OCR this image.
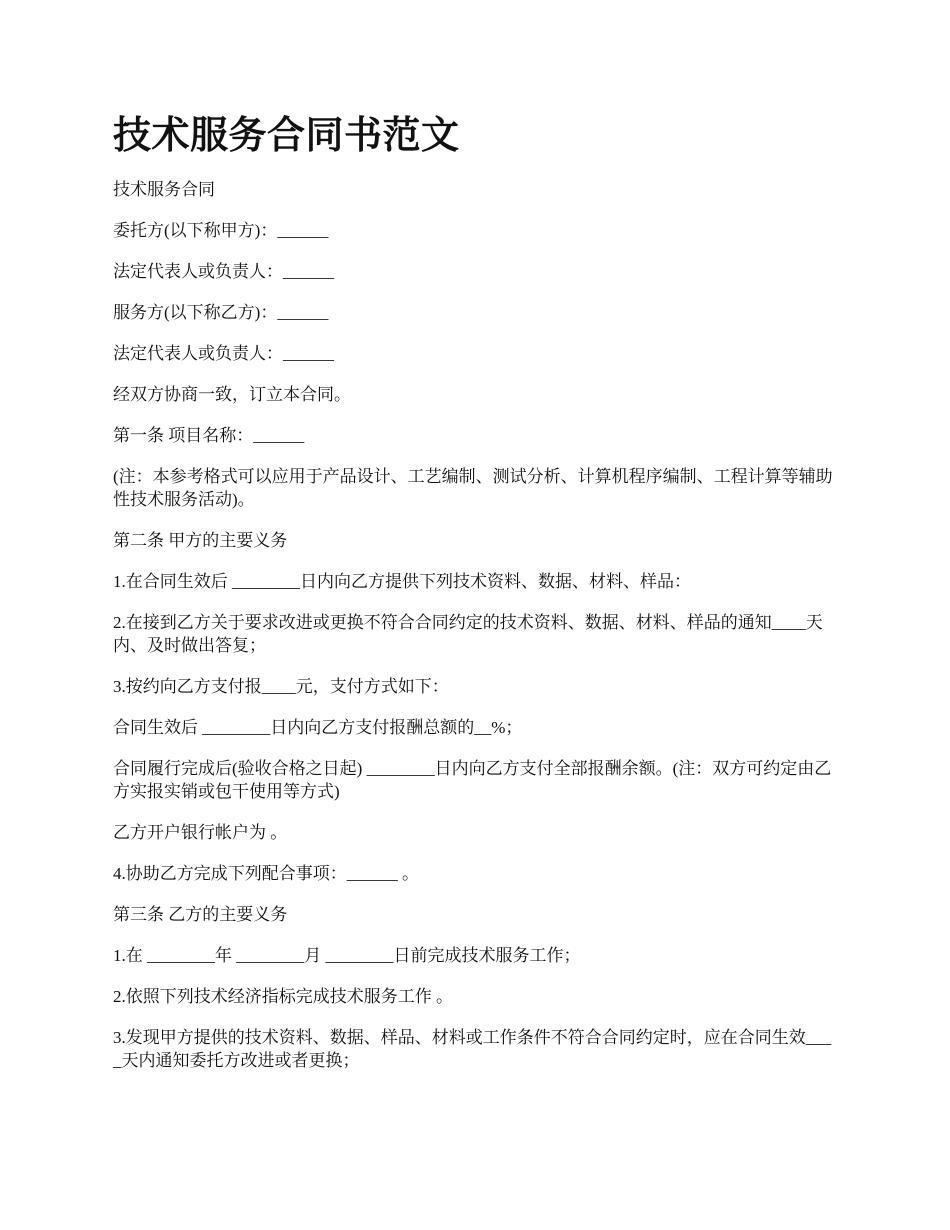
技术服务合同书范文

技术服务合同

委托方(以下称甲方)：______

法定代表人或负责人：______

服务方(以下称乙方)：______

法定代表人或负责人：______

经双方协商一致，订立本合同。

第一条 项目名称：______

(注：本参考格式可以应用于产品设计、工艺编制、测试分析、计算机程序编制、工程计算等辅助性技术服务活动)。

第二条 甲方的主要义务

1.在合同生效后 ________日内向乙方提供下列技术资料、数据、材料、样品：

2.在接到乙方关于要求改进或更换不符合合同约定的技术资料、数据、材料、样品的通知____天内、及时做出答复；

3.按约向乙方支付报____元，支付方式如下：

合同生效后 ________日内向乙方支付报酬总额的__%；

合同履行完成后(验收合格之日起) ________日内向乙方支付全部报酬余额。(注：双方可约定由乙方实报实销或包干使用等方式)

乙方开户银行帐户为 。

4.协助乙方完成下列配合事项：______ 。

第三条 乙方的主要义务

1.在 ________年 ________月 ________日前完成技术服务工作；

2.依照下列技术经济指标完成技术服务工作 。

3.发现甲方提供的技术资料、数据、样品、材料或工作条件不符合合同约定时，应在合同生效____天内通知委托方改进或者更换；
